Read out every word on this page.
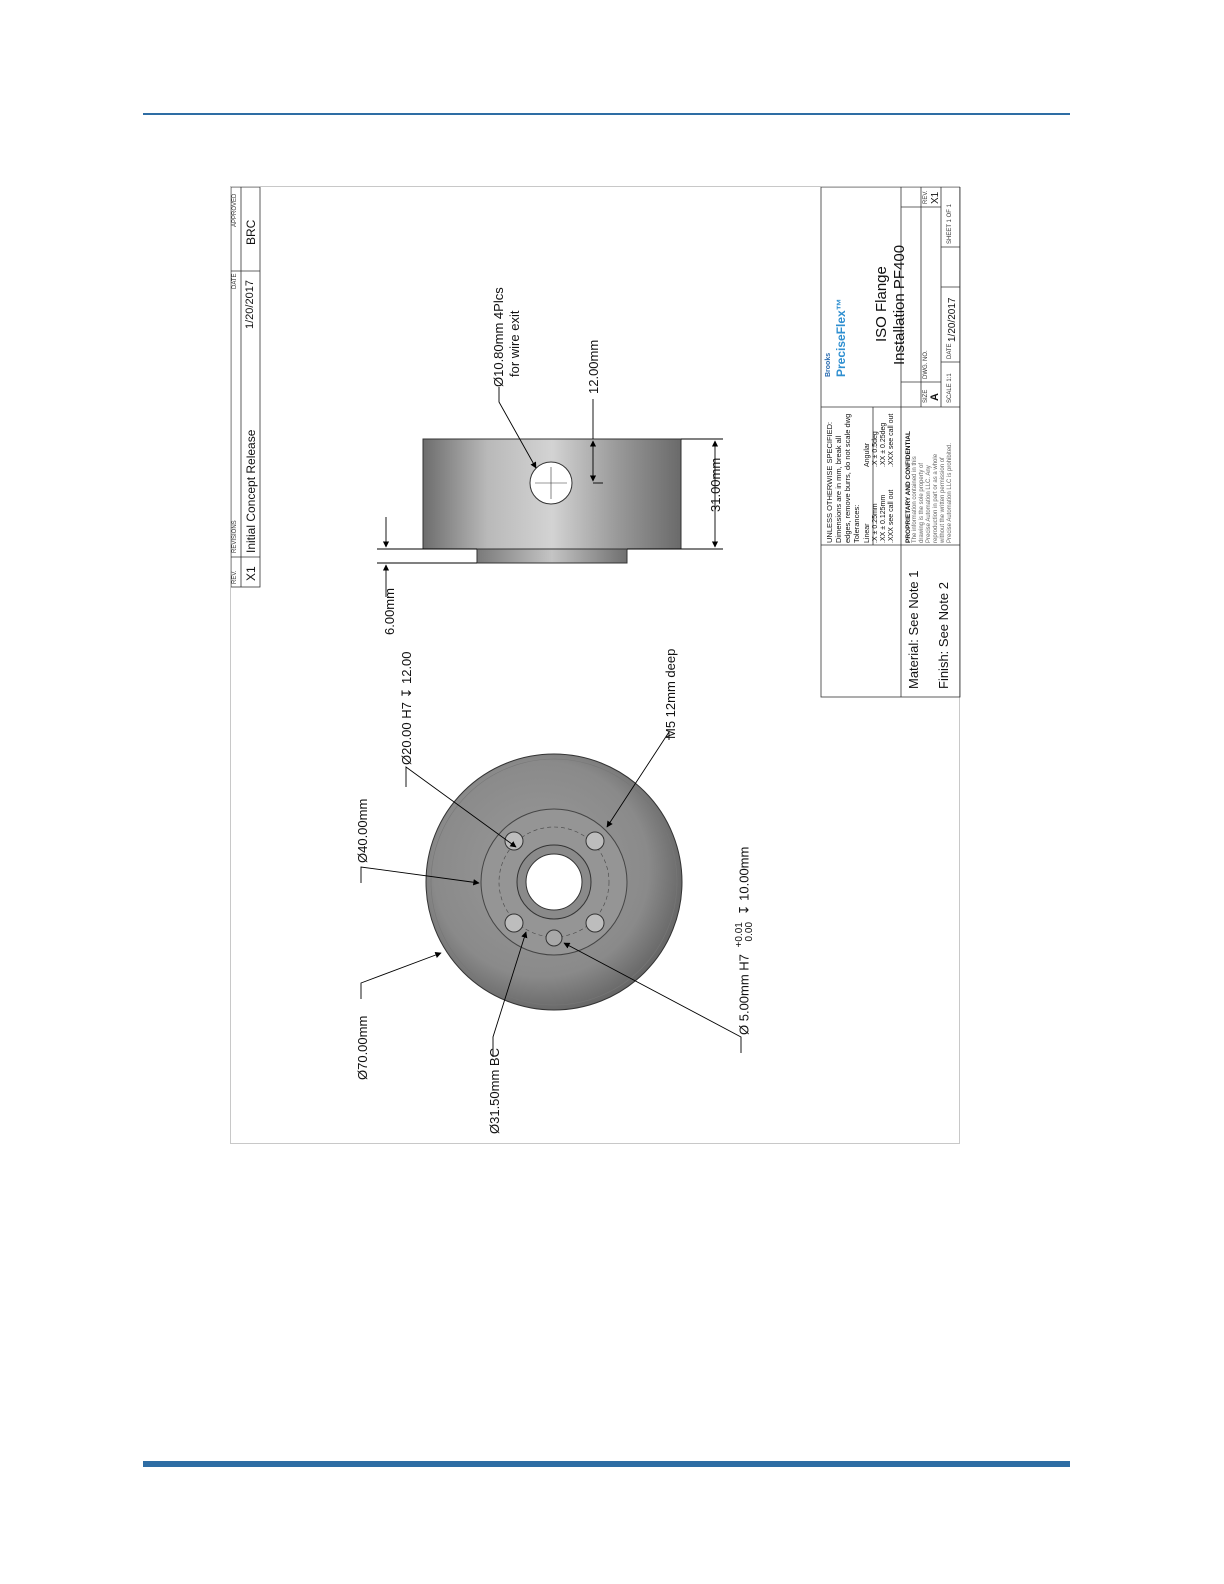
REV.
REVISIONS
DATE
APPROVED
X1
Initial Concept Release
1/20/2017
BRC
Ø70.00mm
Ø40.00mm
Ø20.00 H7 ↧ 12.00	M5 12mm deep
Ø31.50mm BC
Ø 5.00mm H7
+0.01 0.00
↧ 10.00mm
6.00mm
31.00mm
12.00mm
Ø10.80mm 4Plcs for wire exit
Material: See Note 1 Finish: See Note 2
UNLESS OTHERWISE SPECIFIED: Dimensions are in mm, break all edges, remove burrs, do not scale dwg Tolerances: Linear .X ± 0.25mm .XX ± 0.125mm .XXX see call out
Angular .X ± 0.5deg .XX ± 0.25deg .XXX see call out PROPRIETARY AND CONFIDENTIAL The information contained in this drawing is the sole property of Precise Automation LLC. Any reproduction in part or as a whole without the written permission of Precise Automation LLC is prohibited.
Brooks PreciseFlex™ ISO Flange Installation PF400
SIZE A
DWG. NO.
REV. X1
SCALE 1:1
DATE
1/20/2017
SHEET 1 OF 1
